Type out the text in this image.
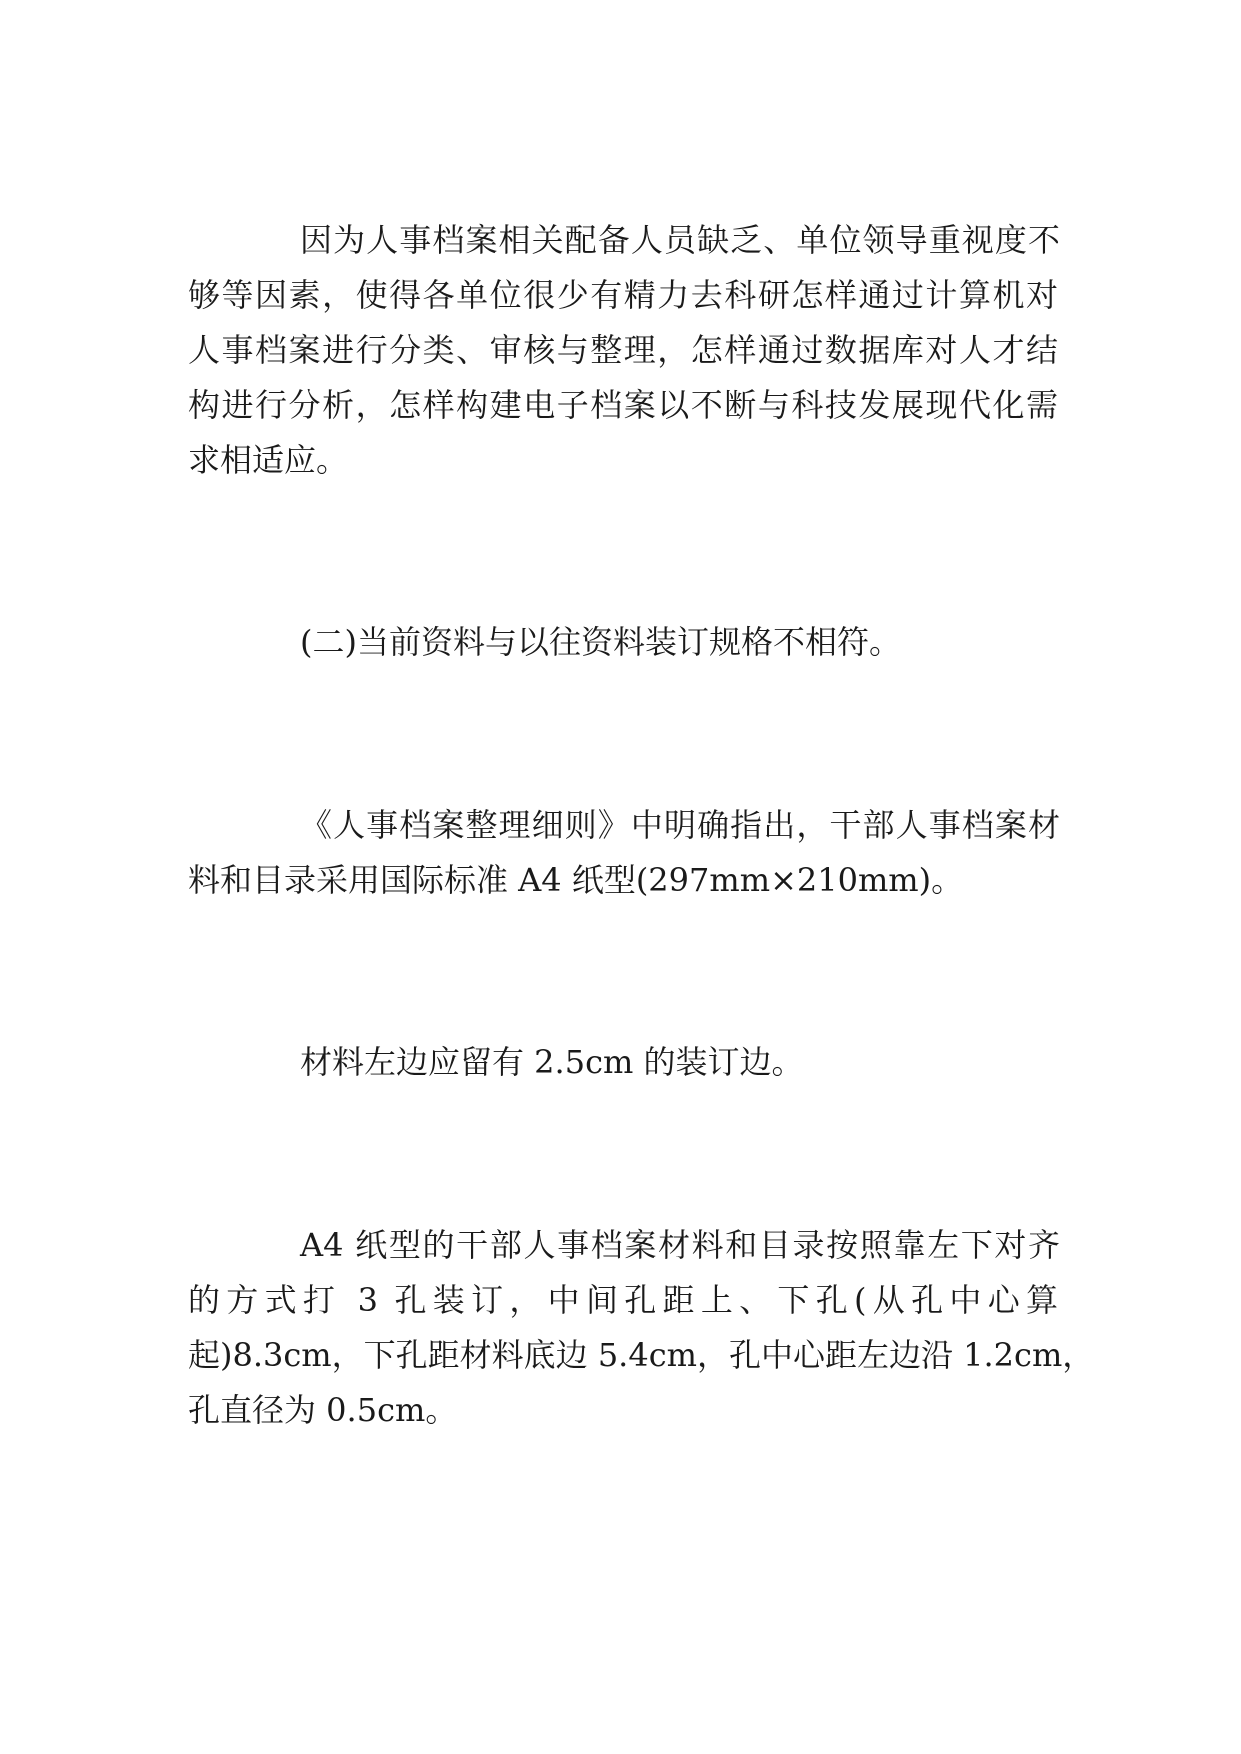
因为人事档案相关配备人员缺乏、单位领导重视度不

够等因素，使得各单位很少有精力去科研怎样通过计算机对

人事档案进行分类、审核与整理，怎样通过数据库对人才结

构进行分析，怎样构建电子档案以不断与科技发展现代化需

求相适应。

(二)当前资料与以往资料装订规格不相符。

《人事档案整理细则》中明确指出，干部人事档案材

料和目录采用国际标准 A4 纸型(297mm×210mm)。

材料左边应留有 2.5cm 的装订边。

A4 纸型的干部人事档案材料和目录按照靠左下对齐

的方式打 3 孔装订，中间孔距上、下孔(从孔中心算

起)8.3cm，下孔距材料底边 5.4cm，孔中心距左边沿 1.2cm，

孔直径为 0.5cm。
